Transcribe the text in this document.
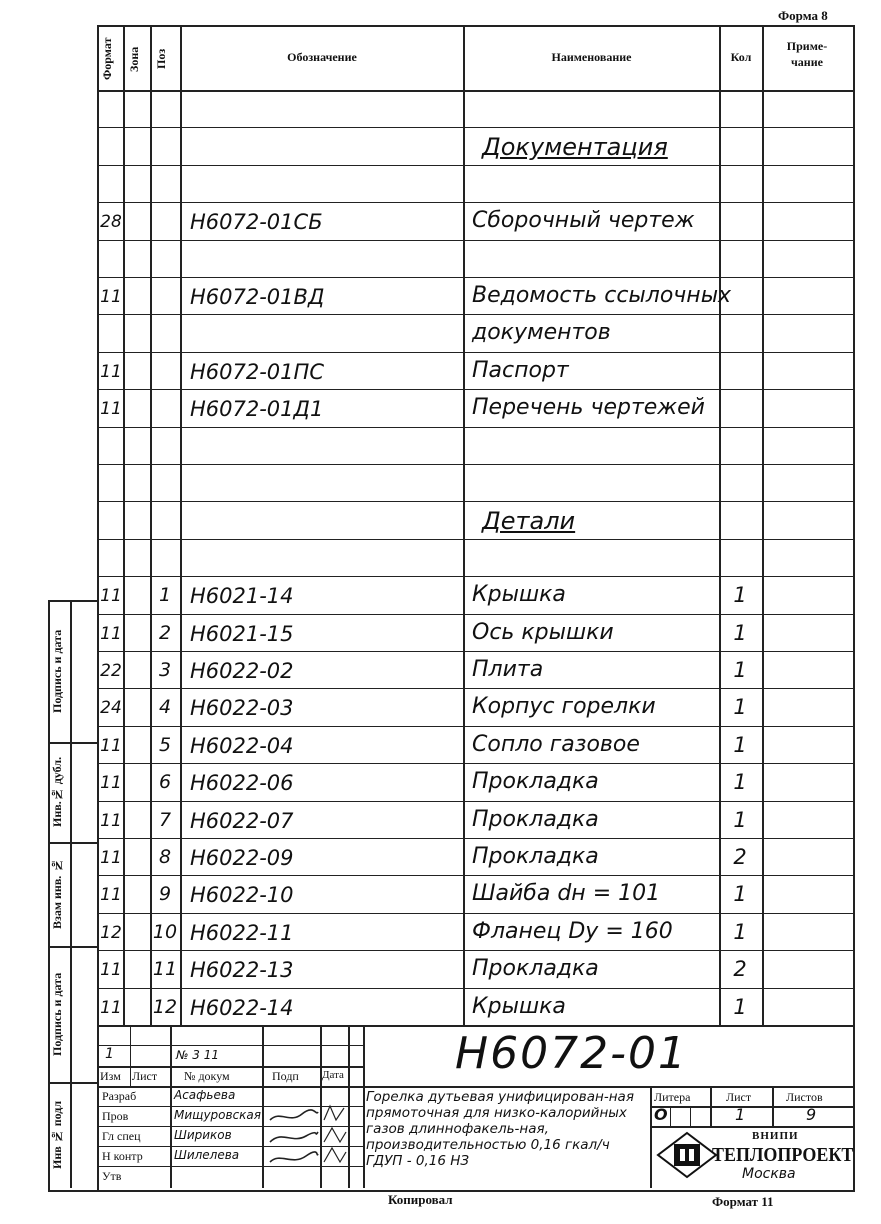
Форма 8
Копировал	Формат 11
Формат	Зона	Поз	Обозначение	Наименование	Кол
Приме-
чание
Документация
28	Н6072-01СБ	Сборочный чертеж
11	Н6072-01ВД	Ведомость ссылочных
документов
11	Н6072-01ПС	Паспорт
11	Н6072-01Д1	Перечень чертежей
Детали
11	1 Н6021-14	Крышка	1
11	2 Н6021-15	Ось крышки	1
22	3 Н6022-02	Плита	1
24	4 Н6022-03	Корпус горелки	1
11	5 Н6022-04	Сопло газовое	1
11	6 Н6022-06	Прокладка	1
11	7 Н6022-07	Прокладка	1
11	8 Н6022-09	Прокладка	2
11	9 Н6022-10	Шайба dн = 101	1
12 10 Н6022-11	Фланец Dy = 160	1
11 11 Н6022-13	Прокладка	2
11 12 Н6022-14	Крышка	1
Подпись и дата
Инв.№ дубл.
Взам инв. №
Подпись и дата
Инв № подл
1	№ 3 11
Изм Лист № докум	Подп Дата
Разраб	Асафьева
Пров	Мищуровская
Гл спец	Шириков
Н контр	Шилелева
Утв
Н6072-01
Горелка дутьевая унифицирован-ная прямоточная для низко-калорийных газов длиннофакель-ная, производительностью 0,16 гкал/ч ГДУП - 0,16 НЗ
Литера	Лист	Листов
О	1	9
ВНИПИ
ТЕПЛОПРОЕКТ
Москва
